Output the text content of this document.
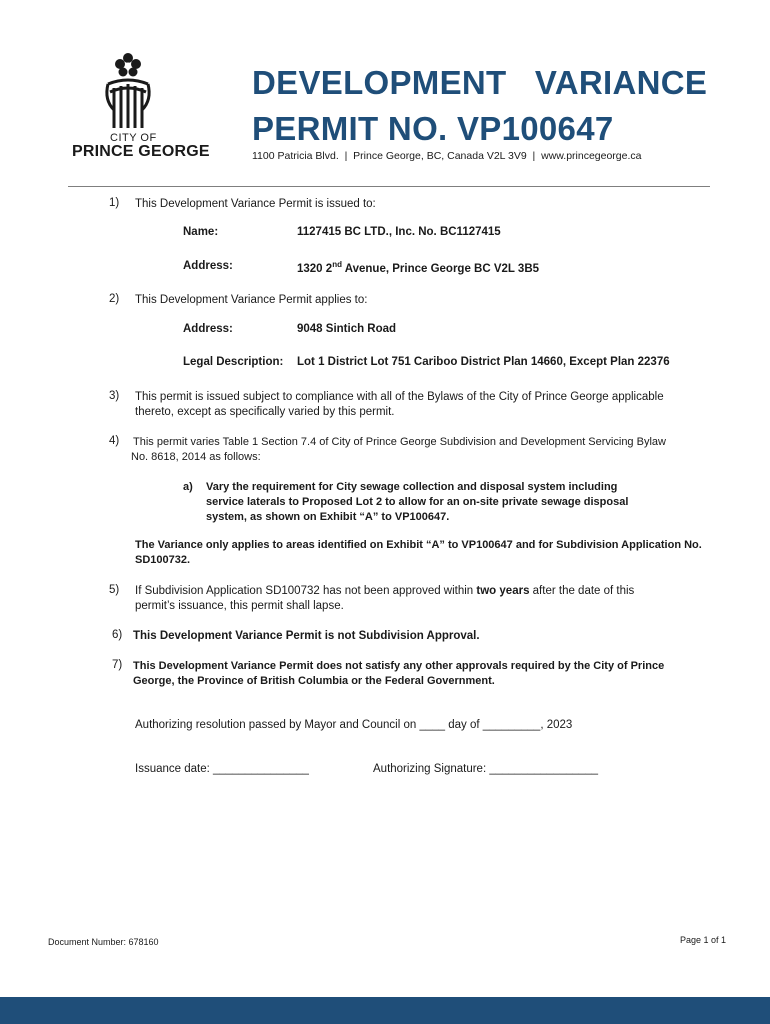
CITY OF
PRINCE GEORGE
DEVELOPMENT   VARIANCE
PERMIT NO. VP100647
1100 Patricia Blvd.  |  Prince George, BC, Canada V2L 3V9  |  www.princegeorge.ca
1) This Development Variance Permit is issued to:
Name:	1127415 BC LTD., Inc. No. BC1127415
Address:	1320 2nd Avenue, Prince George BC V2L 3B5
2) This Development Variance Permit applies to:
Address:	9048 Sintich Road
Legal Description: Lot 1 District Lot 751 Cariboo District Plan 14660, Except Plan 22376
3) This permit is issued subject to compliance with all of the Bylaws of the City of Prince George applicable
thereto, except as specifically varied by this permit.
4) This permit varies Table 1 Section 7.4 of City of Prince George Subdivision and Development Servicing Bylaw
No. 8618, 2014 as follows:
a) Vary the requirement for City sewage collection and disposal system including
service laterals to Proposed Lot 2 to allow for an on-site private sewage disposal
system, as shown on Exhibit “A” to VP100647.
The Variance only applies to areas identified on Exhibit “A” to VP100647 and for Subdivision Application No.
SD100732.
5) If Subdivision Application SD100732 has not been approved within two years after the date of this
permit’s issuance, this permit shall lapse.
6) This Development Variance Permit is not Subdivision Approval.
7) This Development Variance Permit does not satisfy any other approvals required by the City of Prince
George, the Province of British Columbia or the Federal Government.
Authorizing resolution passed by Mayor and Council on ____ day of _________, 2023
Issuance date: _______________	Authorizing Signature: _________________
Document Number: 678160	Page 1 of 1
